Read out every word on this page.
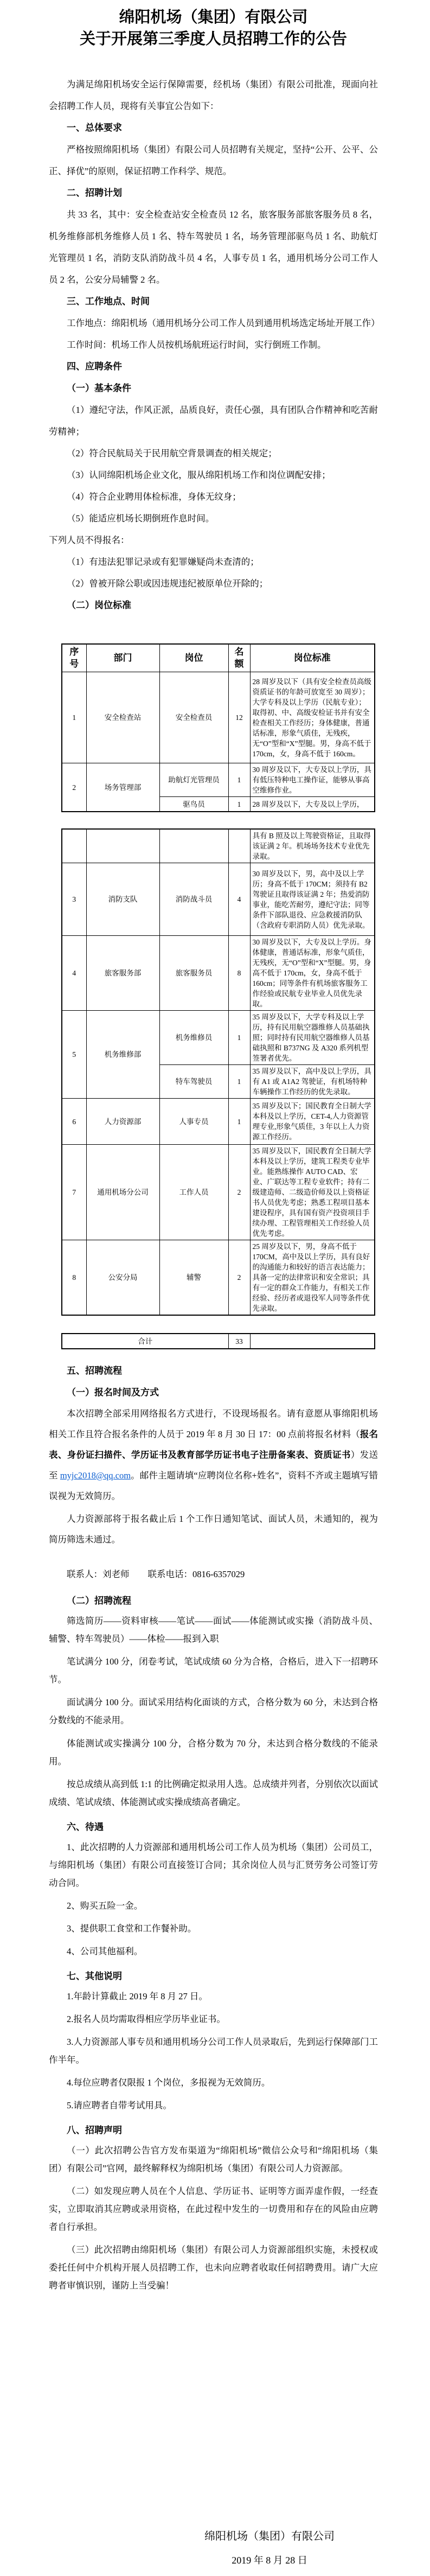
绵阳机场（集团）有限公司
关于开展第三季度人员招聘工作的公告

为满足绵阳机场安全运行保障需要，经机场（集团）有限公司批准，现面向社会招聘工作人员，现将有关事宜公告如下：

一、总体要求

严格按照绵阳机场（集团）有限公司人员招聘有关规定，坚持“公开、公平、公正、择优”的原则，保证招聘工作科学、规范。

二、招聘计划

共 33 名，其中：安全检查站安全检查员 12 名，旅客服务部旅客服务员 8 名，机务维修部机务维修人员 1 名、特车驾驶员 1 名，场务管理部驱鸟员 1 名、助航灯光管理员 1 名，消防支队消防战斗员 4 名，人事专员 1 名，通用机场分公司工作人员 2 名，公安分局辅警 2 名。

三、工作地点、时间

工作地点：绵阳机场（通用机场分公司工作人员到通用机场选定场址开展工作）

工作时间：机场工作人员按机场航班运行时间，实行倒班工作制。

四、应聘条件

（一）基本条件

（1）遵纪守法，作风正派，品质良好，责任心强，具有团队合作精神和吃苦耐劳精神；

（2）符合民航局关于民用航空背景调查的相关规定；

（3）认同绵阳机场企业文化，服从绵阳机场工作和岗位调配安排；

（4）符合企业聘用体检标准，身体无纹身；

（5）能适应机场长期倒班作息时间。

下列人员不得报名：

（1）有违法犯罪记录或有犯罪嫌疑尚未查清的；

（2）曾被开除公职或因违规违纪被原单位开除的；

（二）岗位标准

序号	部门	岗位	名额	岗位标准
1	安全检查站	安全检查员	12	28 周岁及以下（具有安全检查员高级资质证书的年龄可放宽至 30 周岁）；大学专科及以上学历（民航专业）；取得初、中、高级安检证书并有安全检查相关工作经历；身体健康，普通话标准，形象气质佳，无残疾，无“O”型和“X”型腿。男，身高不低于 170cm，女，身高不低于 160cm。
2	场务管理部	助航灯光管理员	1	30 周岁及以下，大专及以上学历，具有低压特种电工操作证，能够从事高空维修作业。
		驱鸟员	1	28 周岁及以下，大专及以上学历，
				具有 B 照及以上驾驶资格证，且取得该证满 2 年。机场场务技术专业优先录取。
3	消防支队	消防战斗员	4	30 周岁及以下，男，高中及以上学历；身高不低于 170CM；须持有 B2 驾驶证且取得该证满 2 年；热爱消防事业，能吃苦耐劳，遵纪守法；同等条件下部队退役、应急救援消防队（含政府专职消防人员）优先录取。
4	旅客服务部	旅客服务员	8	30 周岁及以下，大专及以上学历。身体健康，普通话标准，形象气质佳，无残疾，无“O”型和“X”型腿。男，身高不低于 170cm，女，身高不低于 160cm；同等条件有机场旅客服务工作经验或民航专业毕业人员优先录取。
5	机务维修部	机务维修员	1	35 周岁及以下，大学专科及以上学历，持有民用航空器维修人员基础执照；同时持有民用航空器维修人员基础执照和 B737NG 及 A320 系列机型签署者优先。
		特车驾驶员	1	35 周岁及以下，高中及以上学历，具有 A1 或 A1A2 驾驶证，有机场特种车辆操作工作经历的优先录取。
6	人力资源部	人事专员	1	35 周岁及以下；国民教育全日制大学本科及以上学历，CET-4,人力资源管理专业,形象气质佳，3 年以上人力资源工作经历。
7	通用机场分公司	工作人员	2	35 周岁及以下，国民教育全日制大学本科及以上学历，建筑工程类专业毕业。能熟练操作 AUTO CAD、宏业、广联达等工程专业软件；持有二级建造师、二级造价师及以上资格证书人员优先考虑；熟悉工程项目基本建设程序，具有国有资产投资项目手续办理、工程管理相关工作经验人员优先考虑。
8	公安分局	辅警	2	25 周岁及以下，男，身高不低于 170CM，高中及以上学历，具有良好的沟通能力和较好的语言表达能力；具备一定的法律常识和安全常识；具有一定的群众工作能力，有相关工作经验、经历者或退役军人同等条件优先录取。
合计	33	

五、招聘流程

（一）报名时间及方式

本次招聘全部采用网络报名方式进行，不设现场报名。请有意愿从事绵阳机场相关工作且符合报名条件的人员于 2019 年 8 月 30 日 17：00 点前将报名材料（报名表、身份证扫描件、学历证书及教育部学历证书电子注册备案表、资质证书）发送至 myjc2018@qq.com。邮件主题请填“应聘岗位名称+姓名”，资料不齐或主题填写错误视为无效简历。

人力资源部将于报名截止后 1 个工作日通知笔试、面试人员，未通知的，视为简历筛选未通过。

联系人：刘老师 联系电话：0816-6357029

（二）招聘流程

筛选简历——资料审核——笔试——面试——体能测试或实操（消防战斗员、辅警、特车驾驶员）——体检——报到入职

笔试满分 100 分，闭卷考试，笔试成绩 60 分为合格，合格后，进入下一招聘环节。

面试满分 100 分。面试采用结构化面谈的方式，合格分数为 60 分，未达到合格分数线的不能录用。

体能测试或实操满分 100 分，合格分数为 70 分，未达到合格分数线的不能录用。

按总成绩从高到低 1:1 的比例确定拟录用人选。总成绩并列者，分别依次以面试成绩、笔试成绩、体能测试或实操成绩高者确定。

六、待遇

1、此次招聘的人力资源部和通用机场公司工作人员为机场（集团）公司员工，与绵阳机场（集团）有限公司直接签订合同；其余岗位人员与汇贤劳务公司签订劳动合同。

2、购买五险一金。

3、提供职工食堂和工作餐补助。

4、公司其他福利。

七、其他说明

1.年龄计算截止 2019 年 8 月 27 日。

2.报名人员均需取得相应学历毕业证书。

3.人力资源部人事专员和通用机场分公司工作人员录取后，先到运行保障部门工作半年。

4.每位应聘者仅限报 1 个岗位，多报视为无效简历。

5.请应聘者自带考试用具。

八、招聘声明

（一）此次招聘公告官方发布渠道为“绵阳机场”微信公众号和“绵阳机场（集团）有限公司”官网，最终解释权为绵阳机场（集团）有限公司人力资源部。

（二）如发现应聘人员在个人信息、学历证书、证明等方面弄虚作假，一经查实，立即取消其应聘或录用资格，在此过程中发生的一切费用和存在的风险由应聘者自行承担。

（三）此次招聘由绵阳机场（集团）有限公司人力资源部组织实施，未授权或委托任何中介机构开展人员招聘工作，也未向应聘者收取任何招聘费用。请广大应聘者审慎识别，谨防上当受骗！

绵阳机场（集团）有限公司
2019 年 8 月 28 日
